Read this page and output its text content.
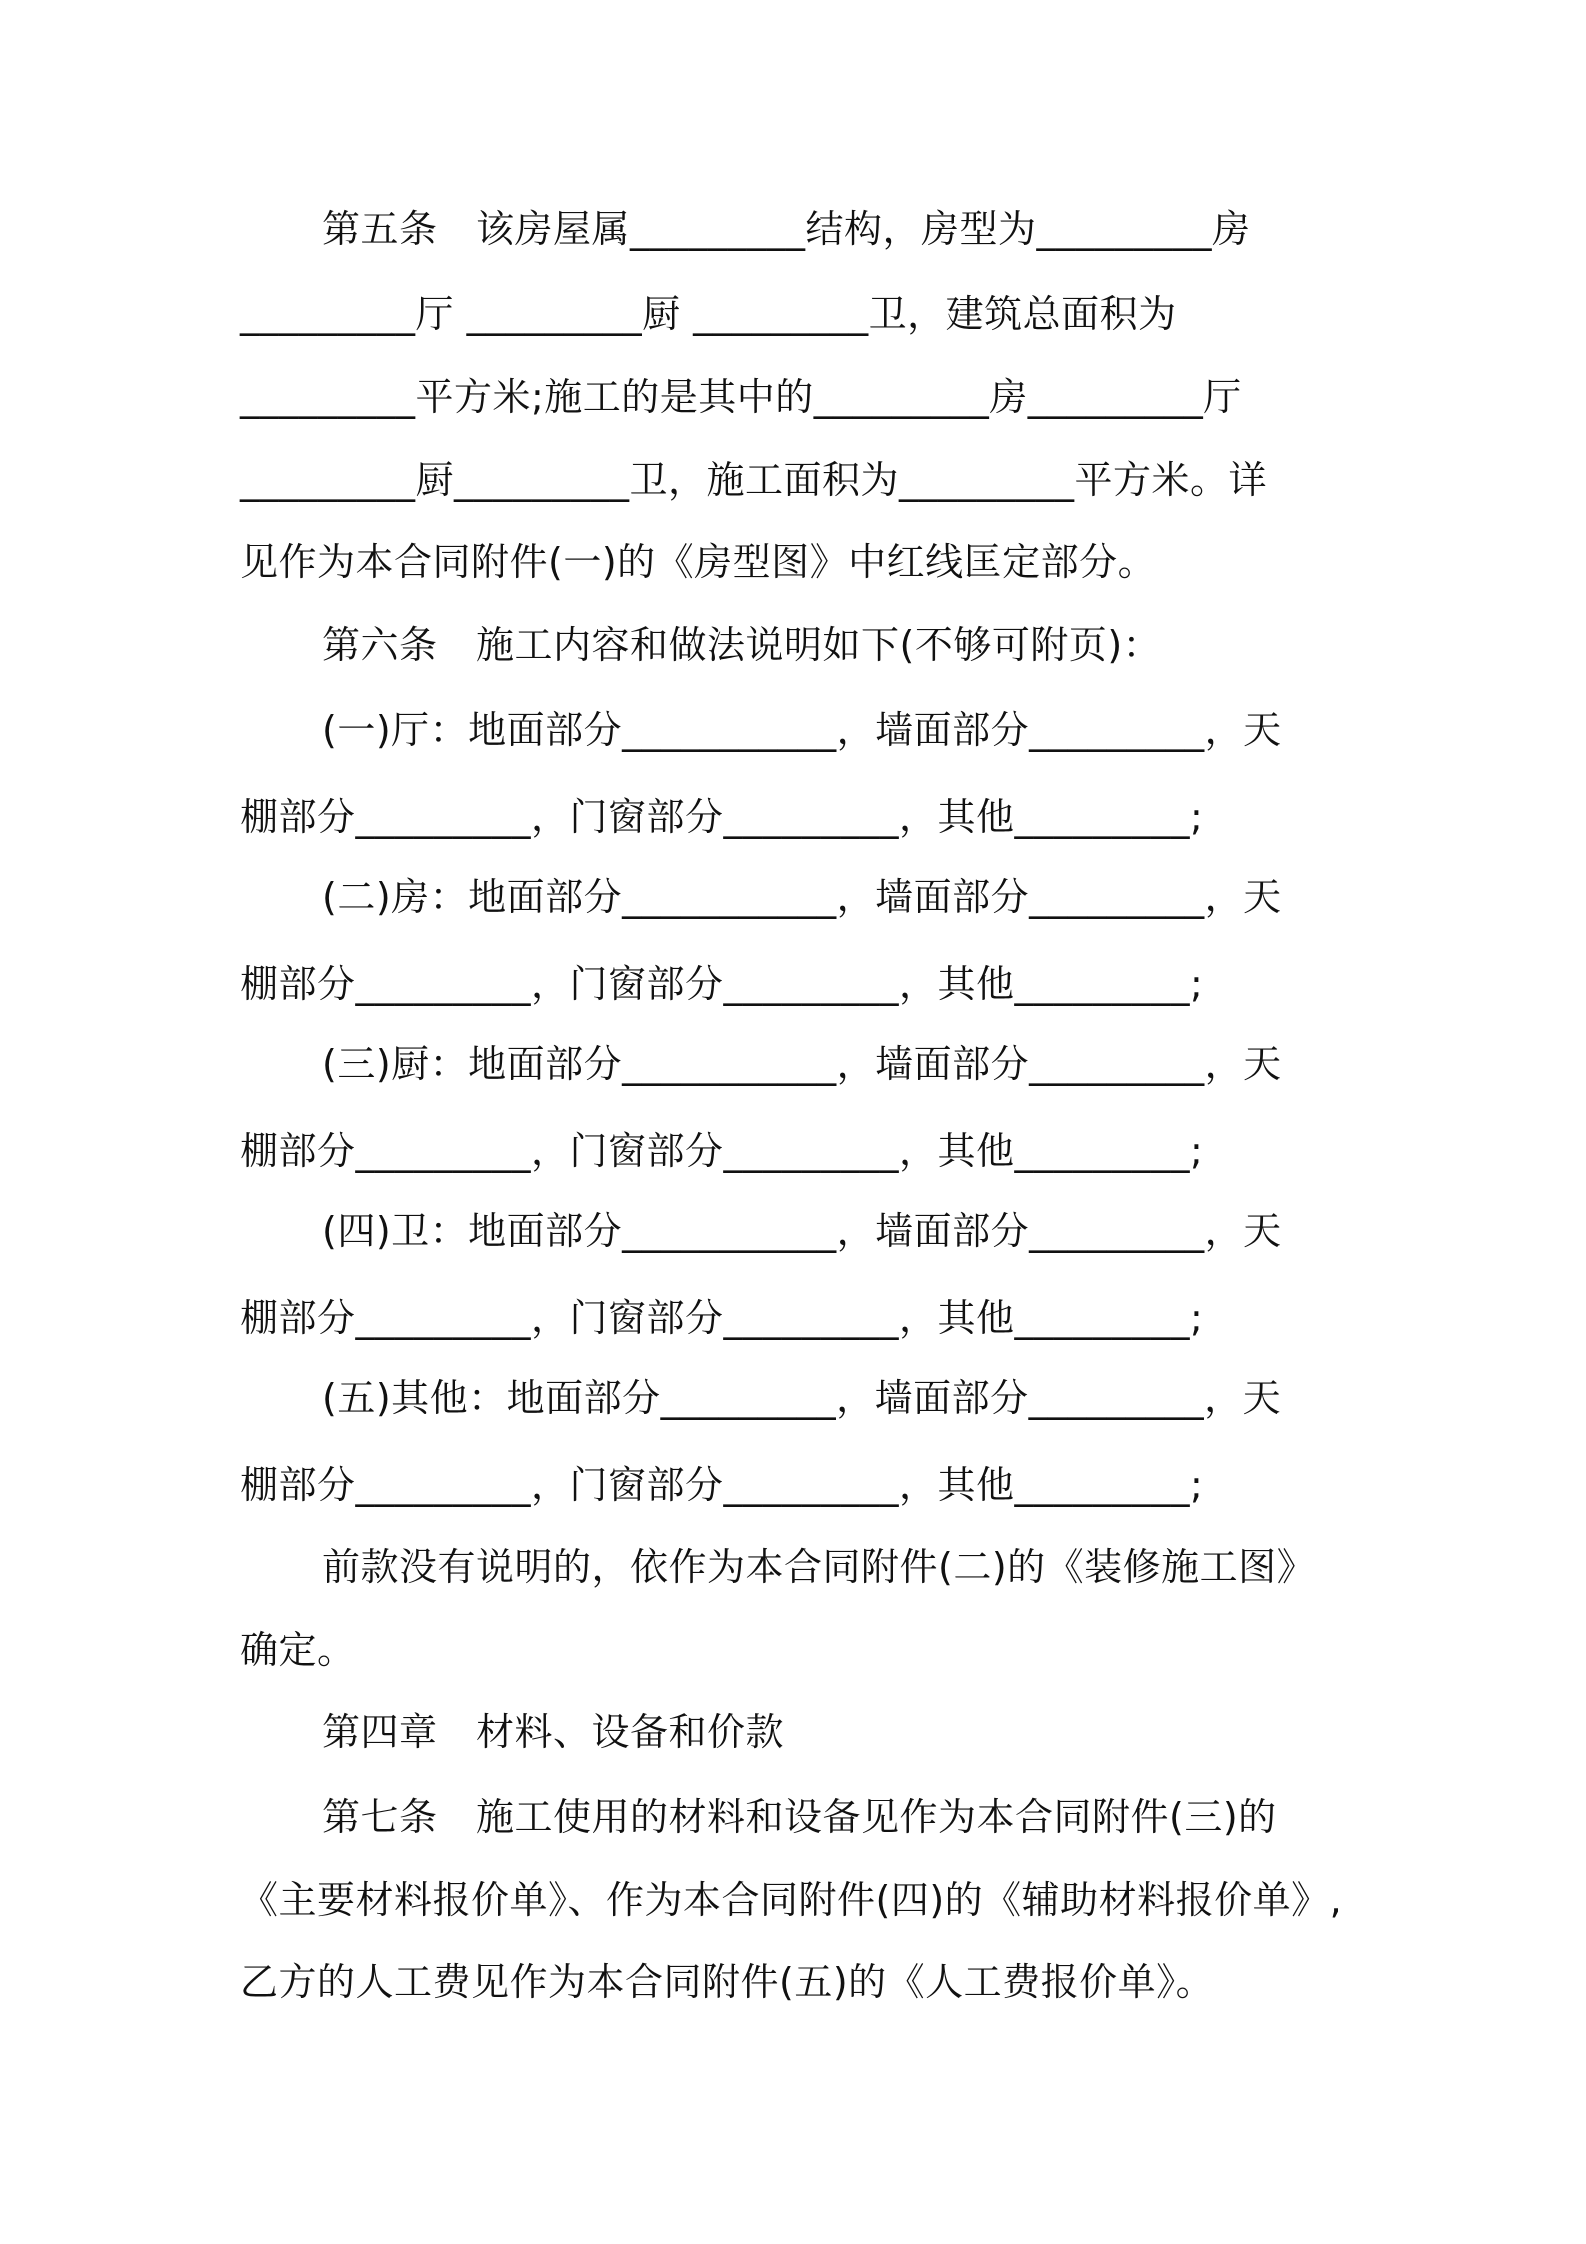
第五条　该房屋属_________结构，房型为_________房
_________厅 _________厨 _________卫，建筑总面积为
_________平方米;施工的是其中的_________房_________厅
_________厨_________卫，施工面积为_________平方米。详
见作为本合同附件(一)的《房型图》中红线匡定部分。
第六条　施工内容和做法说明如下(不够可附页)：
(一)厅：地面部分___________，墙面部分_________，天
棚部分_________，门窗部分_________，其他_________;
(二)房：地面部分___________，墙面部分_________，天
棚部分_________，门窗部分_________，其他_________;
(三)厨：地面部分___________，墙面部分_________，天
棚部分_________，门窗部分_________，其他_________;
(四)卫：地面部分___________，墙面部分_________，天
棚部分_________，门窗部分_________，其他_________;
(五)其他：地面部分_________，墙面部分_________，天
棚部分_________，门窗部分_________，其他_________;
前款没有说明的，依作为本合同附件(二)的《装修施工图》
确定。
第四章　材料、设备和价款
第七条　施工使用的材料和设备见作为本合同附件(三)的
《主要材料报价单》、作为本合同附件(四)的《辅助材料报价单》,
乙方的人工费见作为本合同附件(五)的《人工费报价单》。
